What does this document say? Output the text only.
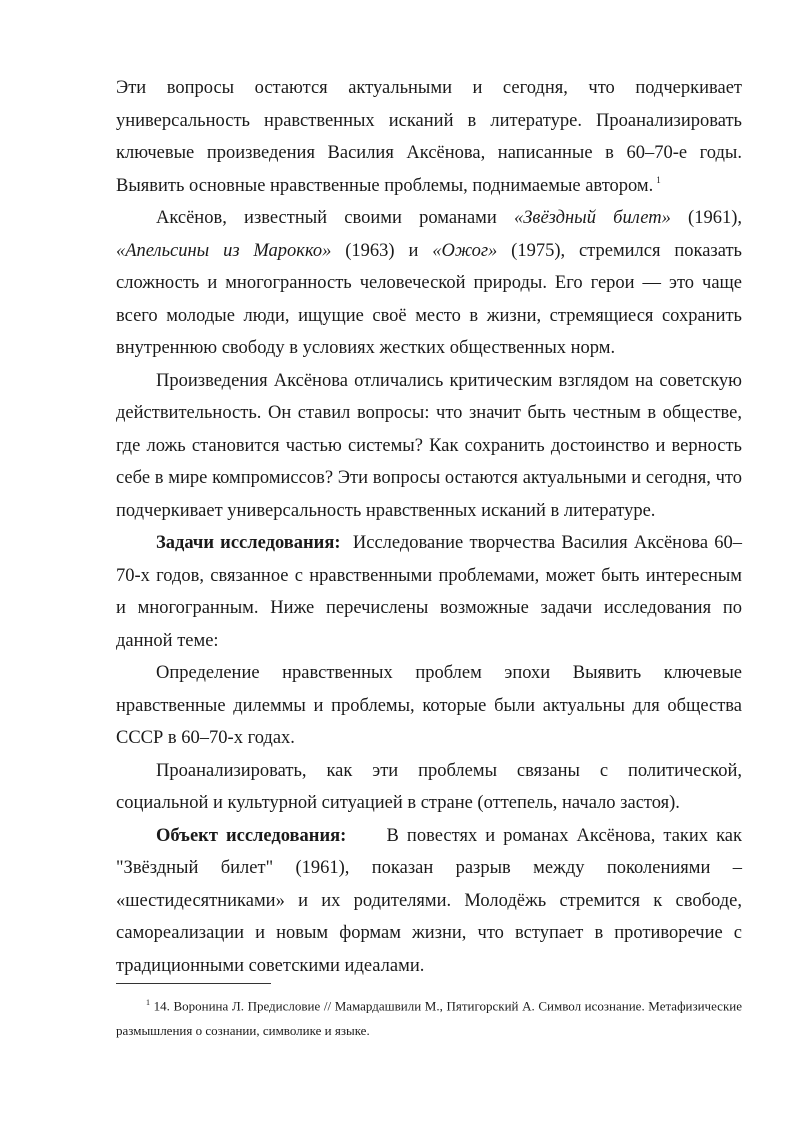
Эти вопросы остаются актуальными и сегодня, что подчеркивает универсальность нравственных исканий в литературе. Проанализировать ключевые произведения Василия Аксёнова, написанные в 60–70-е годы. Выявить основные нравственные проблемы, поднимаемые автором. $^1$

Аксёнов, известный своими романами «Звёздный билет» (1961), «Апельсины из Марокко» (1963) и «Ожог» (1975), стремился показать сложность и многогранность человеческой природы. Его герои — это чаще всего молодые люди, ищущие своё место в жизни, стремящиеся сохранить внутреннюю свободу в условиях жестких общественных норм.

Произведения Аксёнова отличались критическим взглядом на советскую действительность. Он ставил вопросы: что значит быть честным в обществе, где ложь становится частью системы? Как сохранить достоинство и верность себе в мире компромиссов? Эти вопросы остаются актуальными и сегодня, что подчеркивает универсальность нравственных исканий в литературе.

Задачи исследования: Исследование творчества Василия Аксёнова 60–70-х годов, связанное с нравственными проблемами, может быть интересным и многогранным. Ниже перечислены возможные задачи исследования по данной теме:

Определение нравственных проблем эпохи Выявить ключевые нравственные дилеммы и проблемы, которые были актуальны для общества СССР в 60–70-х годах.

Проанализировать, как эти проблемы связаны с политической, социальной и культурной ситуацией в стране (оттепель, начало застоя).

Объект исследования: В повестях и романах Аксёнова, таких как "Звёздный билет" (1961), показан разрыв между поколениями – «шестидесятниками» и их родителями. Молодёжь стремится к свободе, самореализации и новым формам жизни, что вступает в противоречие с традиционными советскими идеалами.

$^1$ 14. Воронина Л. Предисловие // Мамардашвили М., Пятигорский А. Символ исознание. Метафизические размышления о сознании, символике и языке.
